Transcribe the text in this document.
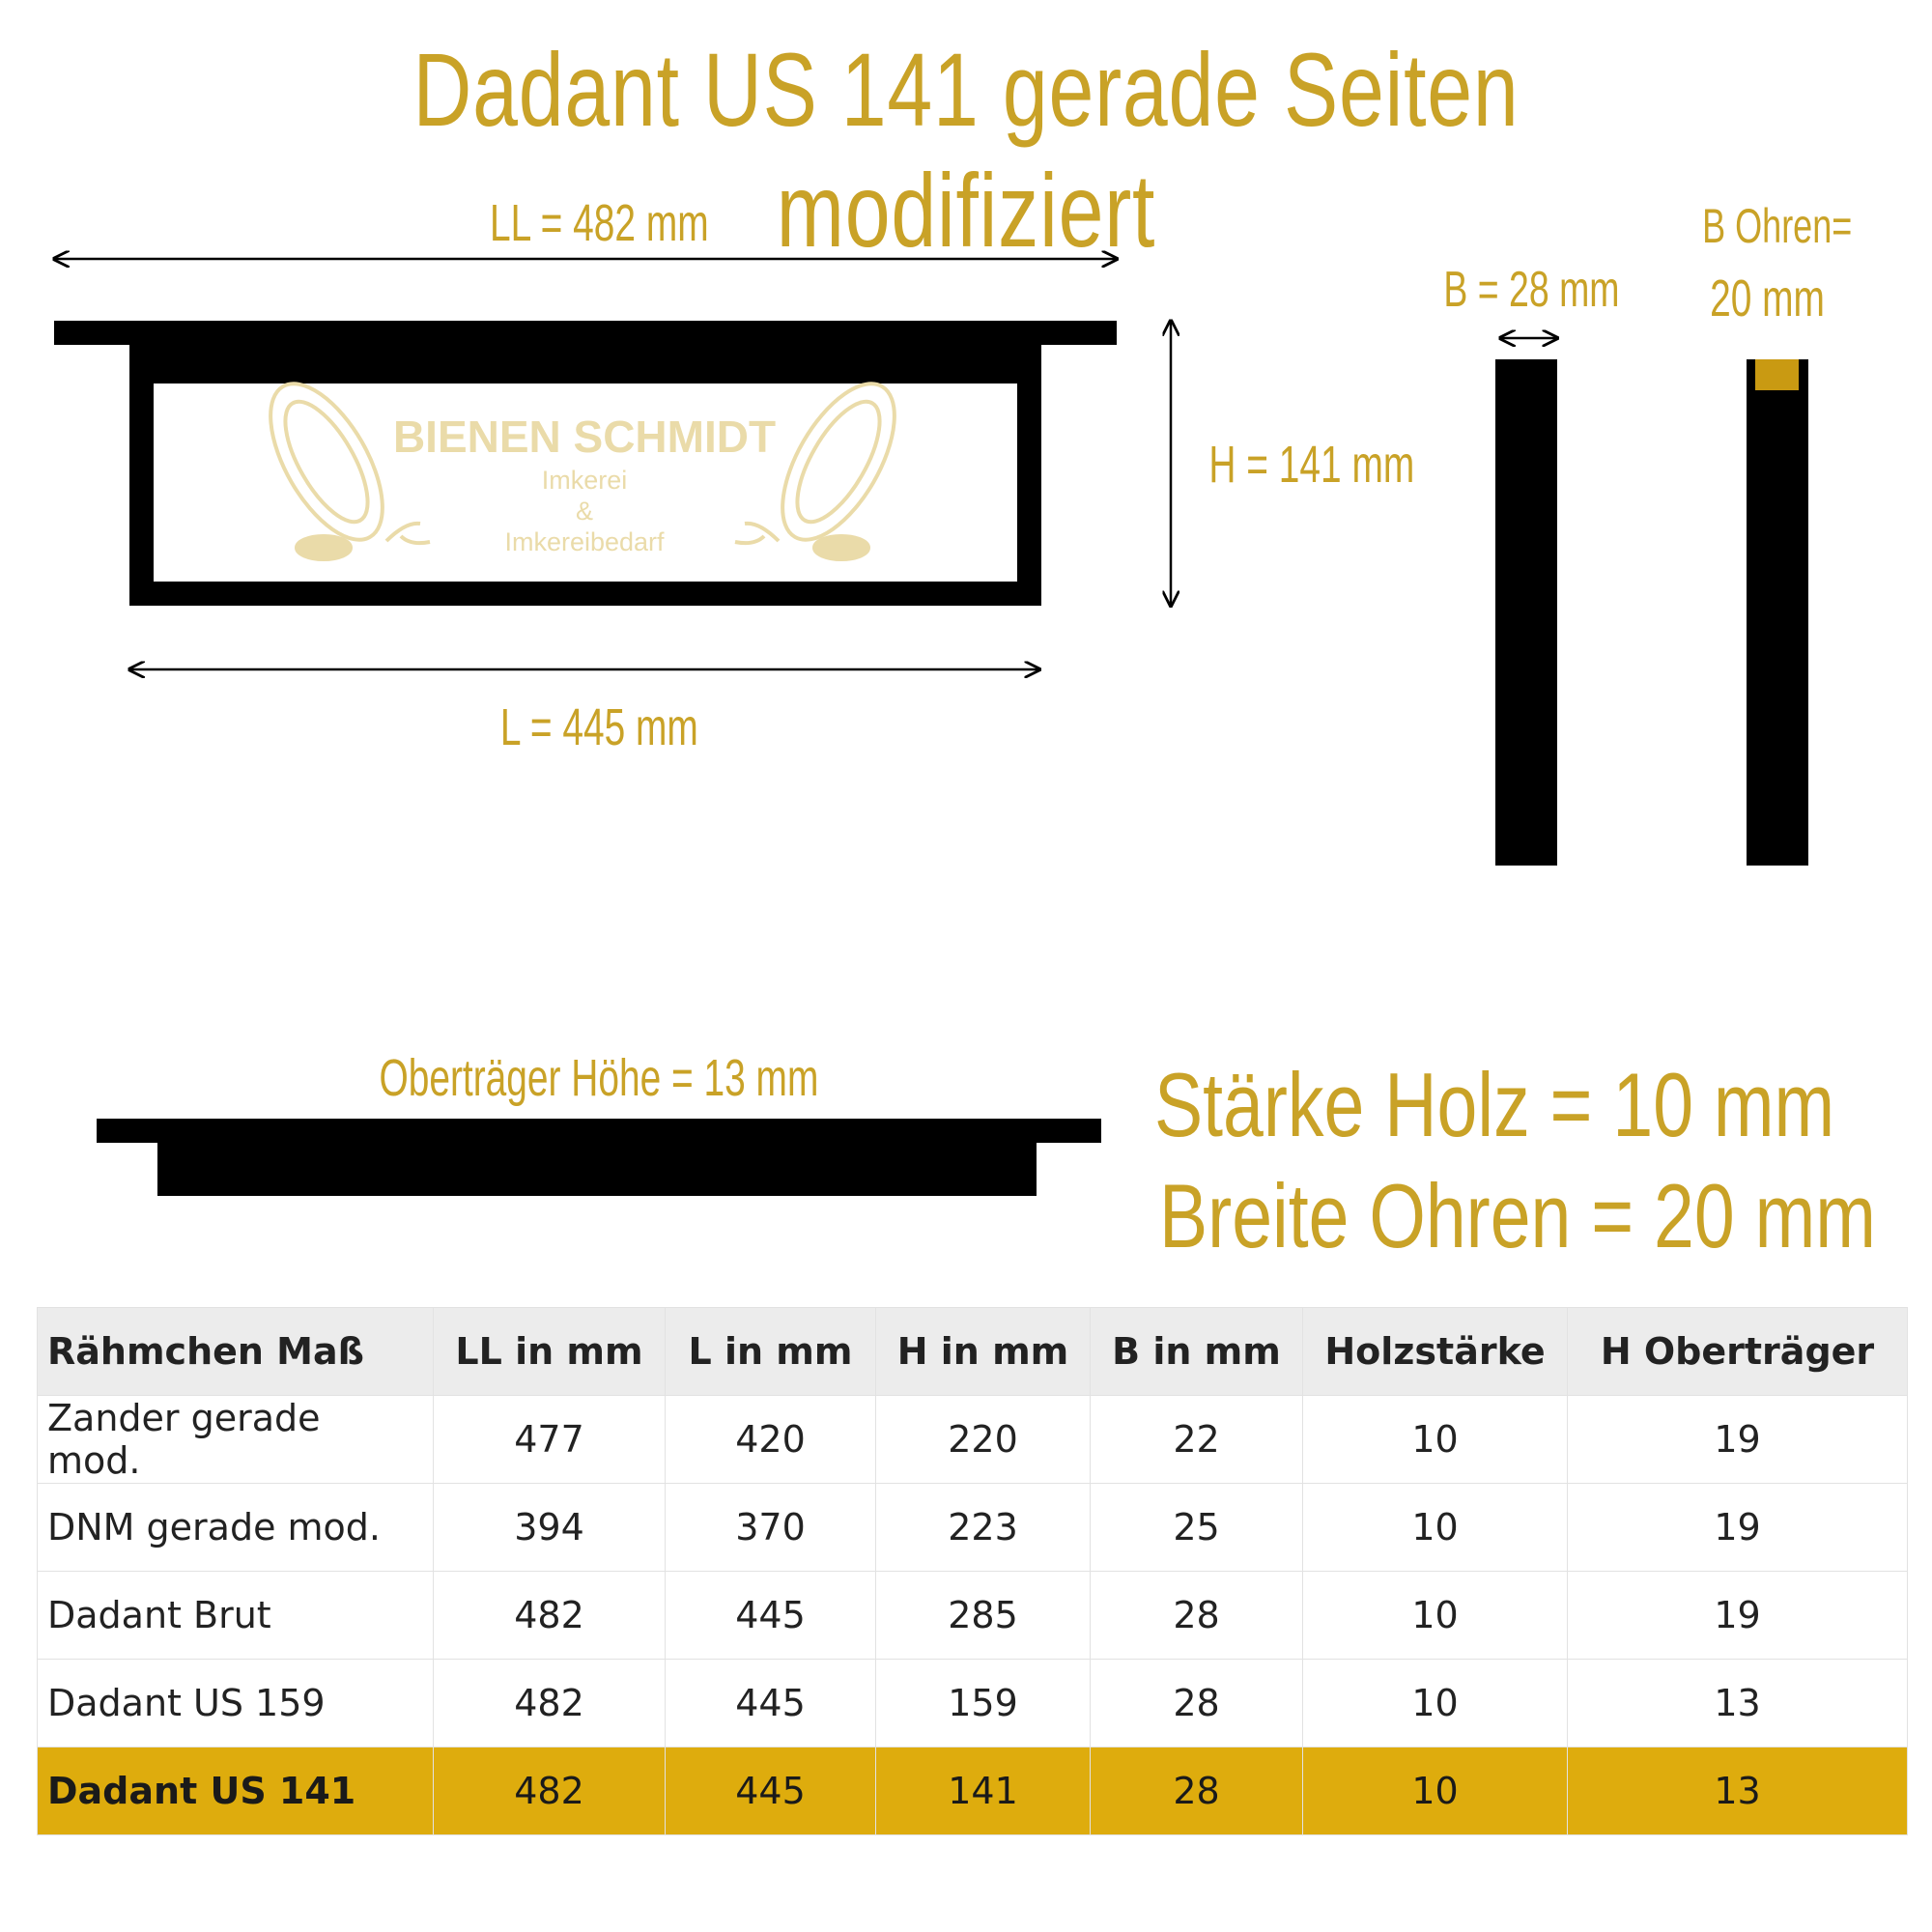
Dadant US 141 gerade Seiten modifiziert
BIENEN SCHMIDT
Imkerei
&
Imkereibedarf
LL = 482 mm
L = 445 mm
H = 141 mm
B = 28 mm
B Ohren=
20 mm
Oberträger Höhe = 13 mm	Stärke Holz = 10 mm
Breite Ohren = 20 mm
Rähmchen Maß	LL in mm	L in mm	H in mm	B in mm	Holzstärke	H Oberträger
Zander gerade mod.	477	420	220	22	10	19
DNM gerade mod.	394	370	223	25	10	19
Dadant Brut	482	445	285	28	10	19
Dadant US 159	482	445	159	28	10	13
Dadant US 141	482	445	141	28	10	13
